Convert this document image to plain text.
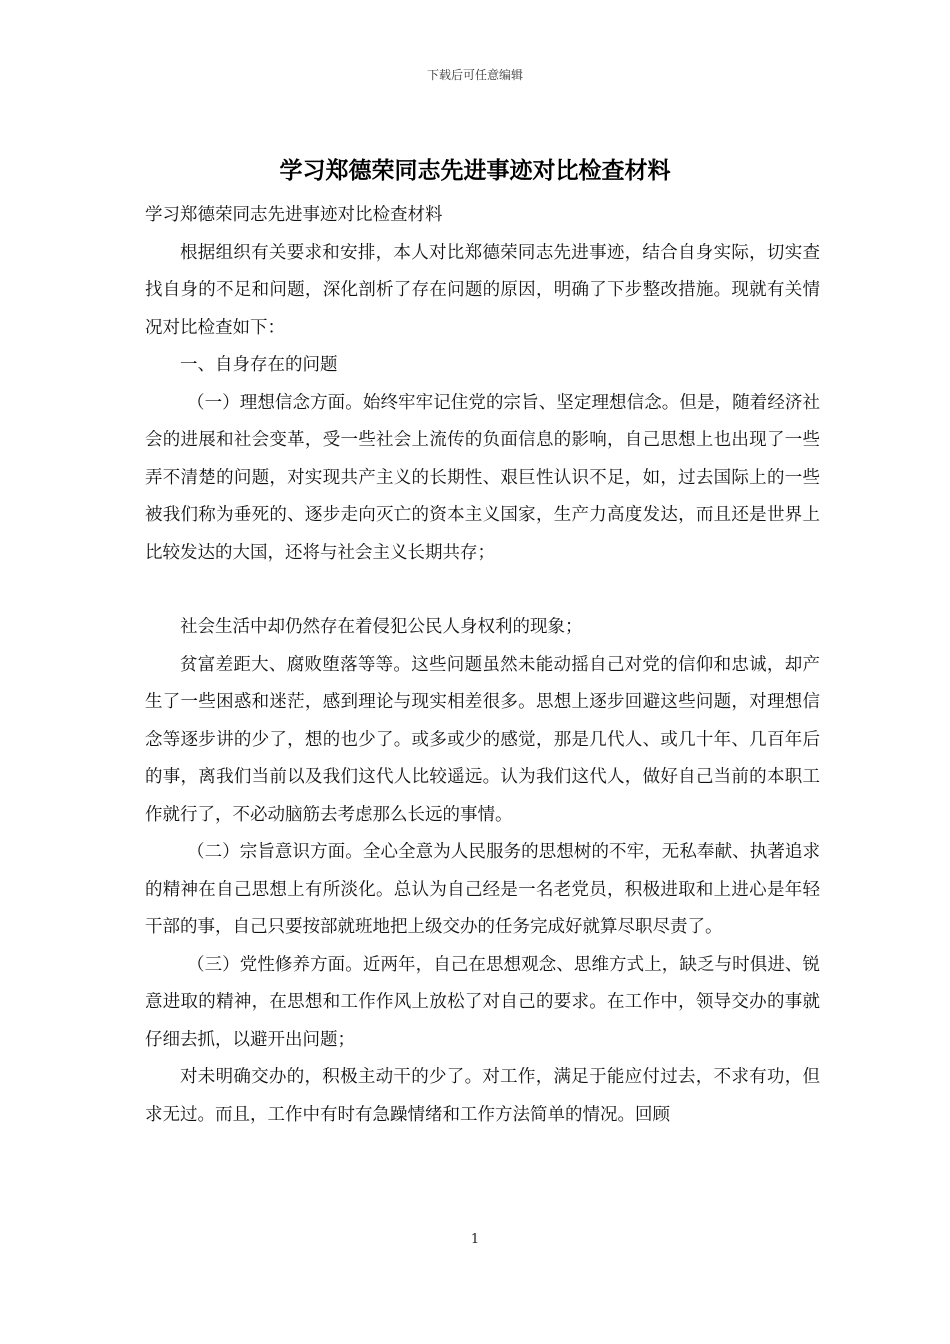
下载后可任意编辑
学习郑德荣同志先进事迹对比检查材料

学习郑德荣同志先进事迹对比检查材料

根据组织有关要求和安排，本人对比郑德荣同志先进事迹，结合自身实际，切实查找自身的不足和问题，深化剖析了存在问题的原因，明确了下步整改措施。现就有关情况对比检查如下：

一、自身存在的问题

（一）理想信念方面。始终牢牢记住党的宗旨、坚定理想信念。但是，随着经济社会的进展和社会变革，受一些社会上流传的负面信息的影响，自己思想上也出现了一些弄不清楚的问题，对实现共产主义的长期性、艰巨性认识不足，如，过去国际上的一些被我们称为垂死的、逐步走向灭亡的资本主义国家，生产力高度发达，而且还是世界上比较发达的大国，还将与社会主义长期共存；

社会生活中却仍然存在着侵犯公民人身权利的现象；

贫富差距大、腐败堕落等等。这些问题虽然未能动摇自己对党的信仰和忠诚，却产生了一些困惑和迷茫，感到理论与现实相差很多。思想上逐步回避这些问题，对理想信念等逐步讲的少了，想的也少了。或多或少的感觉，那是几代人、或几十年、几百年后的事，离我们当前以及我们这代人比较遥远。认为我们这代人，做好自己当前的本职工作就行了，不必动脑筋去考虑那么长远的事情。

（二）宗旨意识方面。全心全意为人民服务的思想树的不牢，无私奉献、执著追求的精神在自己思想上有所淡化。总认为自己经是一名老党员，积极进取和上进心是年轻干部的事，自己只要按部就班地把上级交办的任务完成好就算尽职尽责了。

（三）党性修养方面。近两年，自己在思想观念、思维方式上，缺乏与时俱进、锐意进取的精神，在思想和工作作风上放松了对自己的要求。在工作中，领导交办的事就仔细去抓，以避开出问题；

对未明确交办的，积极主动干的少了。对工作，满足于能应付过去，不求有功，但求无过。而且，工作中有时有急躁情绪和工作方法简单的情况。回顾

1
